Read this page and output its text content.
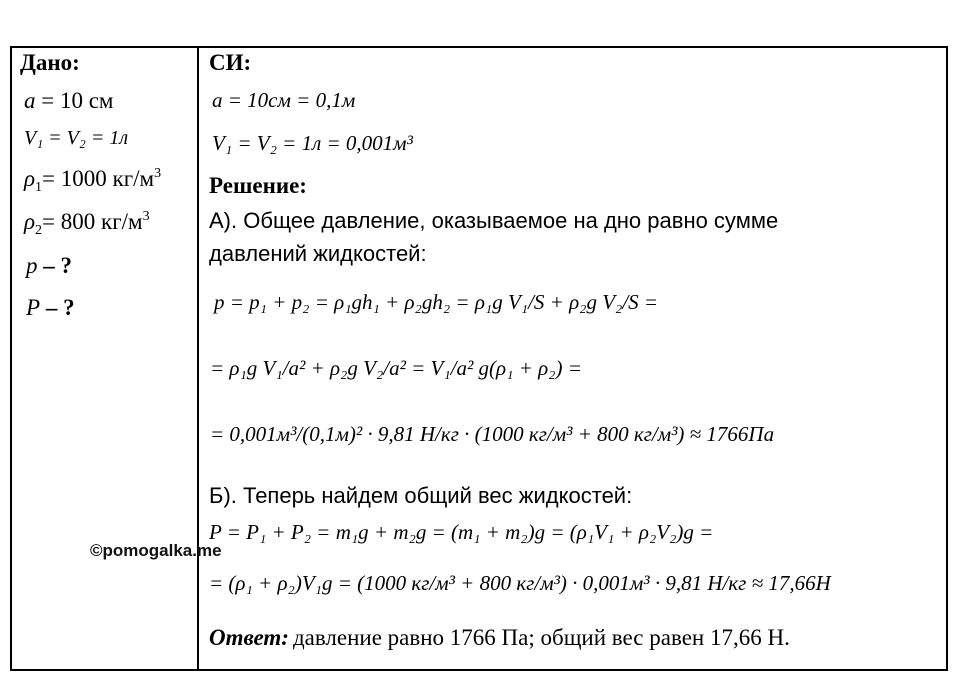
Дано:
a = 10 см
V₁ = V₂ = 1л
$\rho_1= 1000$ $кг/м^3$
$\rho_2= 800$ $кг/м^3$
p – ?
P – ?
СИ:
a = 10см = 0,1м
V₁ = V₂ = 1л = 0,001м³
Решение:
А). Общее давление, оказываемое на дно равно сумме
давлений жидкостей:
p = p₁ + p₂ = ρ₁gh₁ + ρ₂gh₂ = ρ₁g V₁/S + ρ₂g V₂/S =
= ρ₁g V₁/a² + ρ₂g V₂/a² = V₁/a² g(ρ₁ + ρ₂) =
= 0,001м³/(0,1м)² · 9,81 Н/кг · (1000 кг/м³ + 800 кг/м³) ≈ 1766Па
Б). Теперь найдем общий вес жидкостей:
P = P₁ + P₂ = m₁g + m₂g = (m₁ + m₂)g = (ρ₁V₁ + ρ₂V₂)g =
= (ρ₁ + ρ₂)V₁g = (1000 кг/м³ + 800 кг/м³) · 0,001м³ · 9,81 Н/кг ≈ 17,66Н
Ответ: давление равно 1766 Па; общий вес равен 17,66 Н.
©pomogalka.me
